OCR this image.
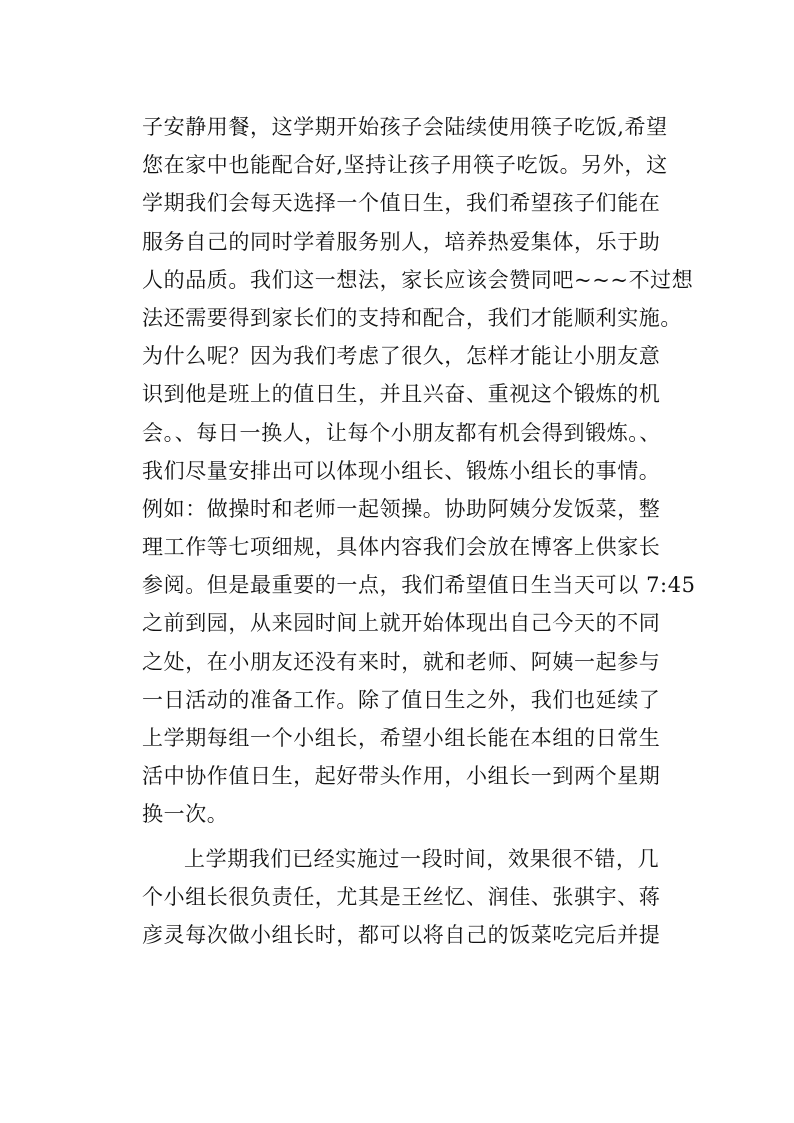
子安静用餐，这学期开始孩子会陆续使用筷子吃饭,希望
您在家中也能配合好,坚持让孩子用筷子吃饭。另外，这
学期我们会每天选择一个值日生，我们希望孩子们能在
服务自己的同时学着服务别人，培养热爱集体，乐于助
人的品质。我们这一想法，家长应该会赞同吧~~~不过想
法还需要得到家长们的支持和配合，我们才能顺利实施。
为什么呢？因为我们考虑了很久，怎样才能让小朋友意
识到他是班上的值日生，并且兴奋、重视这个锻炼的机
会。、每日一换人，让每个小朋友都有机会得到锻炼。、
我们尽量安排出可以体现小组长、锻炼小组长的事情。
例如：做操时和老师一起领操。协助阿姨分发饭菜，整
理工作等七项细规，具体内容我们会放在博客上供家长
参阅。但是最重要的一点，我们希望值日生当天可以 7:45
之前到园，从来园时间上就开始体现出自己今天的不同
之处，在小朋友还没有来时，就和老师、阿姨一起参与
一日活动的准备工作。除了值日生之外，我们也延续了
上学期每组一个小组长，希望小组长能在本组的日常生
活中协作值日生，起好带头作用，小组长一到两个星期
换一次。
上学期我们已经实施过一段时间，效果很不错，几
个小组长很负责任，尤其是王丝忆、润佳、张骐宇、蒋
彦灵每次做小组长时，都可以将自己的饭菜吃完后并提
